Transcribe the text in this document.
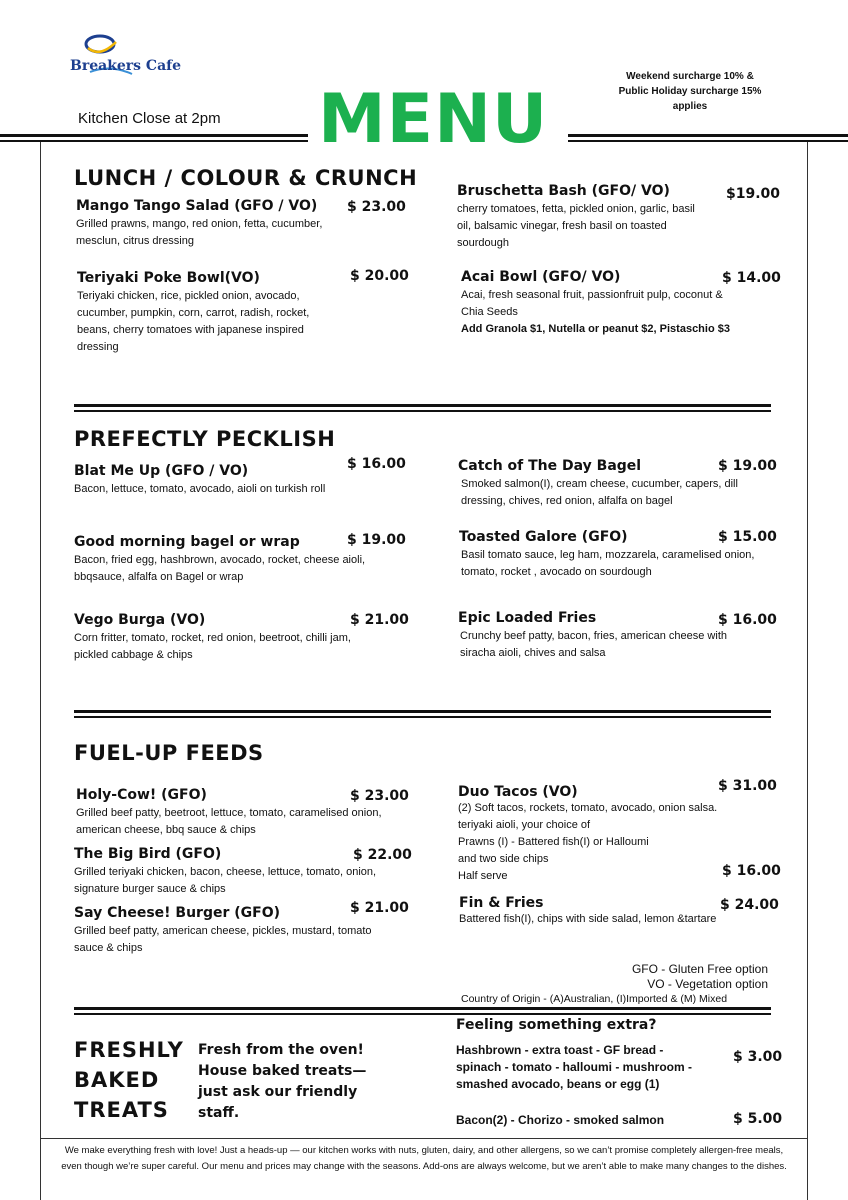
Breakers Cafe
Kitchen Close at 2pm MENU
Weekend surcharge 10% &
Public Holiday surcharge 15% applies
LUNCH / COLOUR & CRUNCH
Mango Tango Salad (GFO / VO)
Grilled prawns, mango, red onion, fetta, cucumber, mesclun, citrus dressing
$ 23.00
Teriyaki Poke Bowl(VO)
Teriyaki chicken, rice, pickled onion, avocado, cucumber, pumpkin, corn, carrot, radish, rocket, beans, cherry tomatoes with japanese inspired dressing
$ 20.00
Bruschetta Bash (GFO/ VO)
cherry tomatoes, fetta, pickled onion, garlic, basil oil, balsamic vinegar, fresh basil on toasted sourdough
$19.00
Acai Bowl (GFO/ VO)
Acai, fresh seasonal fruit, passionfruit pulp, coconut & Chia Seeds
Add Granola $1, Nutella or peanut $2, Pistaschio $3
$ 14.00
PREFECTLY PECKLISH
Blat Me Up (GFO / VO)
Bacon, lettuce, tomato, avocado, aioli on turkish roll
$ 16.00
Good morning bagel or wrap
Bacon, fried egg, hashbrown, avocado, rocket, cheese aioli, bbqsauce, alfalfa on Bagel or wrap
$ 19.00
Vego Burga (VO)
Corn fritter, tomato, rocket, red onion, beetroot, chilli jam, pickled cabbage & chips
$ 21.00
Catch of The Day Bagel
Smoked salmon(I), cream cheese, cucumber, capers, dill dressing, chives, red onion, alfalfa on bagel
$ 19.00
Toasted Galore (GFO)
Basil tomato sauce, leg ham, mozzarela, caramelised onion, tomato, rocket , avocado on sourdough
$ 15.00
Epic Loaded Fries
Crunchy beef patty, bacon, fries, american cheese with siracha aioli, chives and salsa
$ 16.00
FUEL-UP FEEDS
Holy-Cow! (GFO)
Grilled beef patty, beetroot, lettuce, tomato, caramelised onion, american cheese, bbq sauce & chips
$ 23.00
The Big Bird (GFO)
Grilled teriyaki chicken, bacon, cheese, lettuce, tomato, onion, signature burger sauce & chips
$ 22.00
Say Cheese! Burger (GFO)
Grilled beef patty, american cheese, pickles, mustard, tomato sauce & chips
$ 21.00
Duo Tacos (VO)
(2) Soft tacos, rockets, tomato, avocado, onion salsa.
teriyaki aioli, your choice of
Prawns (I) - Battered fish(I) or Halloumi
and two side chips
Half serve
$ 31.00
$ 16.00
Fin & Fries
Battered fish(I), chips with side salad, lemon &tartare
$ 24.00
GFO - Gluten Free option
VO - Vegetation option
Country of Origin - (A)Australian, (I)Imported & (M) Mixed
FRESHLY
BAKED
TREATS
Fresh from the oven! House baked treats—just ask our friendly staff.
Feeling something extra?
Hashbrown - extra toast - GF bread - spinach - tomato - halloumi - mushroom -smashed avocado, beans or egg (1)
$ 3.00
Bacon(2) - Chorizo - smoked salmon	$ 5.00
We make everything fresh with love! Just a heads-up — our kitchen works with nuts, gluten, dairy, and other allergens, so we can’t promise completely allergen-free meals, even though we’re super careful. Our menu and prices may change with the seasons. Add-ons are always welcome, but we aren’t able to make many changes to the dishes.
